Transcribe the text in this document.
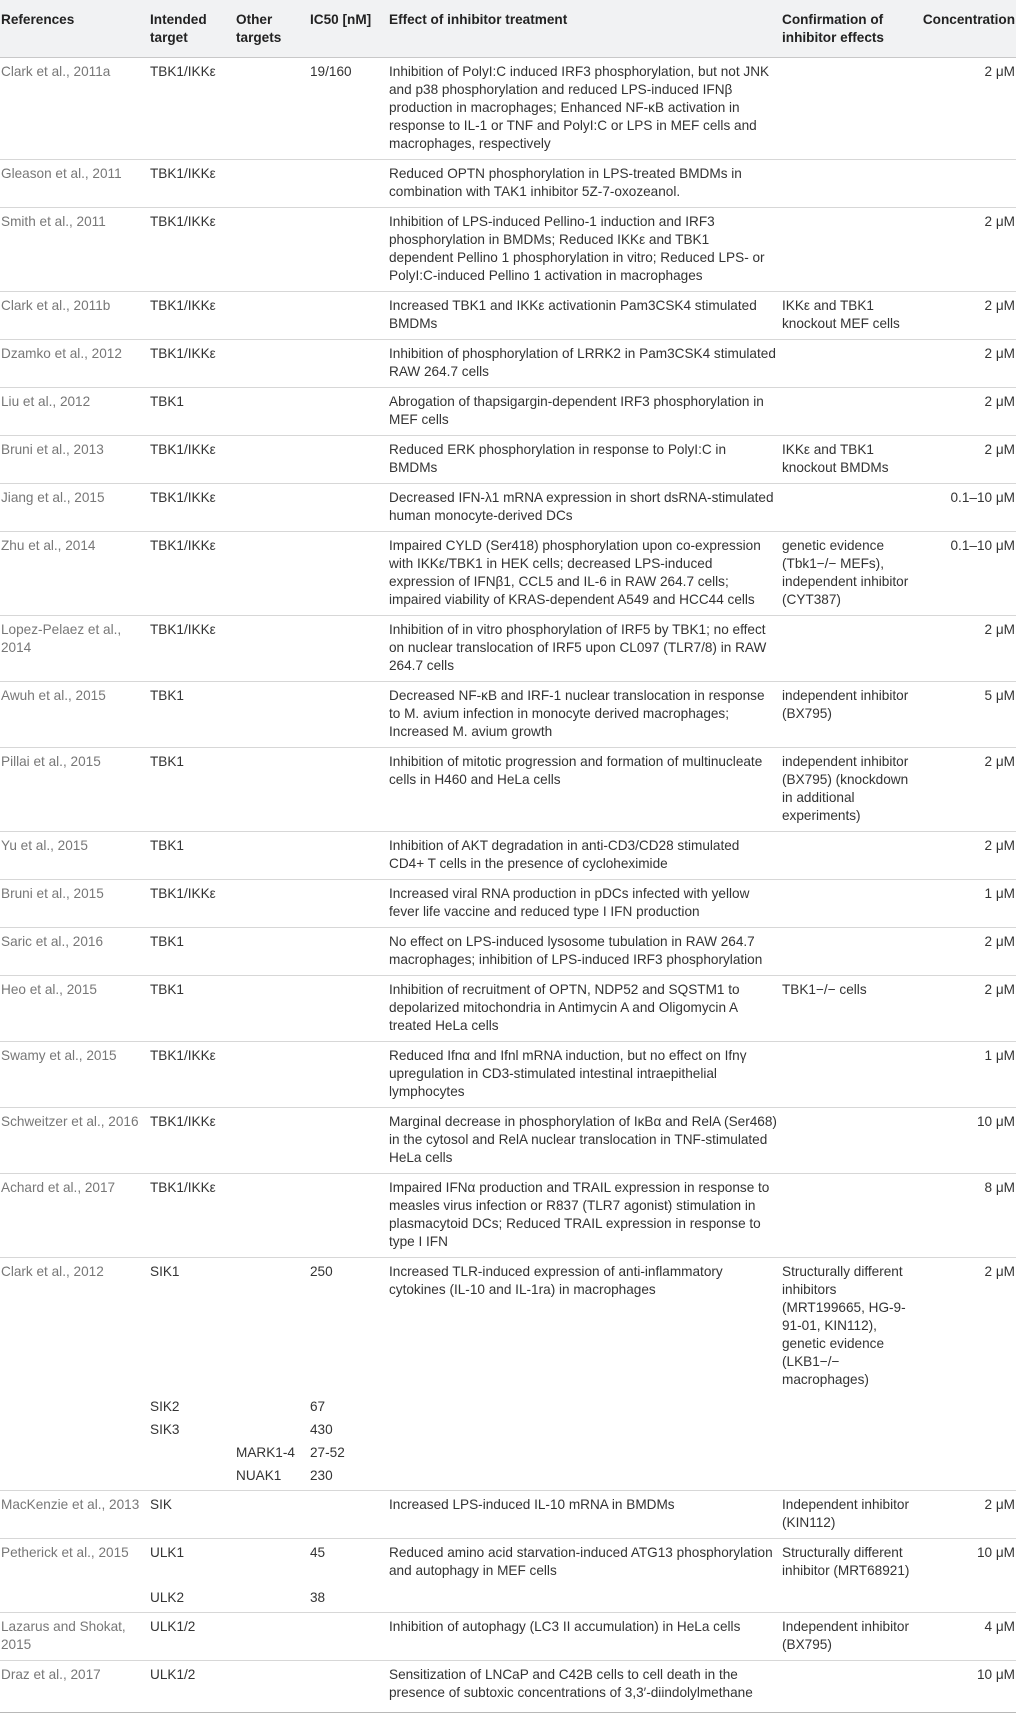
References	Intended target	Other targets	IC50 [nM]	Effect of inhibitor treatment	Confirmation of inhibitor effects	Concentration
Clark et al., 2011a	TBK1/IKKε		19/160	Inhibition of PolyI:C induced IRF3 phosphorylation, but not JNK and p38 phosphorylation and reduced LPS-induced IFNβ production in macrophages; Enhanced NF-κB activation in response to IL-1 or TNF and PolyI:C or LPS in MEF cells and macrophages, respectively		2 μM
Gleason et al., 2011	TBK1/IKKε			Reduced OPTN phosphorylation in LPS-treated BMDMs in combination with TAK1 inhibitor 5Z-7-oxozeanol.		
Smith et al., 2011	TBK1/IKKε			Inhibition of LPS-induced Pellino-1 induction and IRF3 phosphorylation in BMDMs; Reduced IKKε and TBK1 dependent Pellino 1 phosphorylation in vitro; Reduced LPS- or PolyI:C-induced Pellino 1 activation in macrophages		2 μM
Clark et al., 2011b	TBK1/IKKε			Increased TBK1 and IKKε activationin Pam3CSK4 stimulated BMDMs	IKKε and TBK1 knockout MEF cells	2 μM
Dzamko et al., 2012	TBK1/IKKε			Inhibition of phosphorylation of LRRK2 in Pam3CSK4 stimulated RAW 264.7 cells		2 μM
Liu et al., 2012	TBK1			Abrogation of thapsigargin-dependent IRF3 phosphorylation in MEF cells		2 μM
Bruni et al., 2013	TBK1/IKKε			Reduced ERK phosphorylation in response to PolyI:C in BMDMs	IKKε and TBK1 knockout BMDMs	2 μM
Jiang et al., 2015	TBK1/IKKε			Decreased IFN-λ1 mRNA expression in short dsRNA-stimulated human monocyte-derived DCs		0.1–10 μM
Zhu et al., 2014	TBK1/IKKε			Impaired CYLD (Ser418) phosphorylation upon co-expression with IKKε/TBK1 in HEK cells; decreased LPS-induced expression of IFNβ1, CCL5 and IL-6 in RAW 264.7 cells; impaired viability of KRAS-dependent A549 and HCC44 cells	genetic evidence (Tbk1−/− MEFs), independent inhibitor (CYT387)	0.1–10 μM
Lopez-Pelaez et al., 2014	TBK1/IKKε			Inhibition of in vitro phosphorylation of IRF5 by TBK1; no effect on nuclear translocation of IRF5 upon CL097 (TLR7/8) in RAW 264.7 cells		2 μM
Awuh et al., 2015	TBK1			Decreased NF-κB and IRF-1 nuclear translocation in response to M. avium infection in monocyte derived macrophages; Increased M. avium growth	independent inhibitor (BX795)	5 μM
Pillai et al., 2015	TBK1			Inhibition of mitotic progression and formation of multinucleate cells in H460 and HeLa cells	independent inhibitor (BX795) (knockdown in additional experiments)	2 μM
Yu et al., 2015	TBK1			Inhibition of AKT degradation in anti-CD3/CD28 stimulated CD4+ T cells in the presence of cycloheximide		2 μM
Bruni et al., 2015	TBK1/IKKε			Increased viral RNA production in pDCs infected with yellow fever life vaccine and reduced type I IFN production		1 μM
Saric et al., 2016	TBK1			No effect on LPS-induced lysosome tubulation in RAW 264.7 macrophages; inhibition of LPS-induced IRF3 phosphorylation		2 μM
Heo et al., 2015	TBK1			Inhibition of recruitment of OPTN, NDP52 and SQSTM1 to depolarized mitochondria in Antimycin A and Oligomycin A treated HeLa cells	TBK1−/− cells	2 μM
Swamy et al., 2015	TBK1/IKKε			Reduced Ifnα and Ifnl mRNA induction, but no effect on Ifnγ upregulation in CD3-stimulated intestinal intraepithelial lymphocytes		1 μM
Schweitzer et al., 2016	TBK1/IKKε			Marginal decrease in phosphorylation of IκBα and RelA (Ser468) in the cytosol and RelA nuclear translocation in TNF-stimulated HeLa cells		10 μM
Achard et al., 2017	TBK1/IKKε			Impaired IFNα production and TRAIL expression in response to measles virus infection or R837 (TLR7 agonist) stimulation in plasmacytoid DCs; Reduced TRAIL expression in response to type I IFN		8 μM
Clark et al., 2012	SIK1		250	Increased TLR-induced expression of anti-inflammatory cytokines (IL-10 and IL-1ra) in macrophages	Structurally different inhibitors (MRT199665, HG-9-91-01, KIN112), genetic evidence (LKB1−/− macrophages)	2 μM
	SIK2		67			
	SIK3		430			
		MARK1-4	27-52			
		NUAK1	230			
MacKenzie et al., 2013	SIK			Increased LPS-induced IL-10 mRNA in BMDMs	Independent inhibitor (KIN112)	2 μM
Petherick et al., 2015	ULK1		45	Reduced amino acid starvation-induced ATG13 phosphorylation and autophagy in MEF cells	Structurally different inhibitor (MRT68921)	10 μM
	ULK2		38			
Lazarus and Shokat, 2015	ULK1/2			Inhibition of autophagy (LC3 II accumulation) in HeLa cells	Independent inhibitor (BX795)	4 μM
Draz et al., 2017	ULK1/2			Sensitization of LNCaP and C42B cells to cell death in the presence of subtoxic concentrations of 3,3′-diindolylmethane		10 μM
